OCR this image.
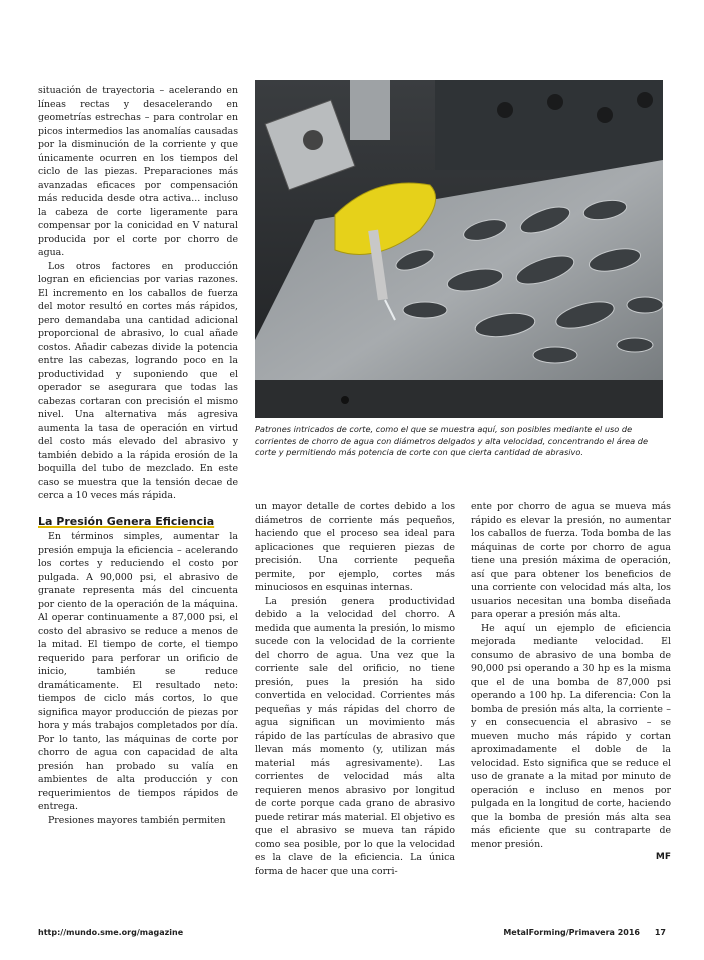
situación de trayectoria – acelerando en líneas rectas y desacelerando en geometrías estrechas – para controlar en picos intermedios las anomalías causadas por la disminución de la corriente y que únicamente ocurren en los tiempos del ciclo de las piezas. Preparaciones más avanzadas eficaces por compensación más reducida desde otra activa... incluso la cabeza de corte ligeramente para compensar por la conicidad en V natural producida por el corte por chorro de agua.

Los otros factores en producción logran en eficiencias por varias razones. El incremento en los caballos de fuerza del motor resultó en cortes más rápidos, pero demandaba una cantidad adicional proporcional de abrasivo, lo cual añade costos. Añadir cabezas divide la potencia entre las cabezas, logrando poco en la productividad y suponiendo que el operador se asegurara que todas las cabezas cortaran con precisión el mismo nivel. Una alternativa más agresiva aumenta la tasa de operación en virtud del costo más elevado del abrasivo y también debido a la rápida erosión de la boquilla del tubo de mezclado. En este caso se muestra que la tensión decae de cerca a 10 veces más rápida.

La Presión Genera Eficiencia

En términos simples, aumentar la presión empuja la eficiencia – acelerando los cortes y reduciendo el costo por pulgada. A 90,000 psi, el abrasivo de granate representa más del cincuenta por ciento de la operación de la máquina. Al operar continuamente a 87,000 psi, el costo del abrasivo se reduce a menos de la mitad. El tiempo de corte, el tiempo requerido para perforar un orificio de inicio, también se reduce dramáticamente. El resultado neto: tiempos de ciclo más cortos, lo que significa mayor producción de piezas por hora y más trabajos completados por día. Por lo tanto, las máquinas de corte por chorro de agua con capacidad de alta presión han probado su valía en ambientes de alta producción y con requerimientos de tiempos rápidos de entrega.

Presiones mayores también permiten

Patrones intricados de corte, como el que se muestra aquí, son posibles mediante el uso de corrientes de chorro de agua con diámetros delgados y alta velocidad, concentrando el área de corte y permitiendo más potencia de corte con que cierta cantidad de abrasivo.

un mayor detalle de cortes debido a los diámetros de corriente más pequeños, haciendo que el proceso sea ideal para aplicaciones que requieren piezas de precisión. Una corriente pequeña permite, por ejemplo, cortes más minuciosos en esquinas internas.

La presión genera productividad debido a la velocidad del chorro. A medida que aumenta la presión, lo mismo sucede con la velocidad de la corriente del chorro de agua. Una vez que la corriente sale del orificio, no tiene presión, pues la presión ha sido convertida en velocidad. Corrientes más pequeñas y más rápidas del chorro de agua significan un movimiento más rápido de las partículas de abrasivo que llevan más momento (y, utilizan más material más agresivamente). Las corrientes de velocidad más alta requieren menos abrasivo por longitud de corte porque cada grano de abrasivo puede retirar más material. El objetivo es que el abrasivo se mueva tan rápido como sea posible, por lo que la velocidad es la clave de la eficiencia. La única forma de hacer que una corri-

ente por chorro de agua se mueva más rápido es elevar la presión, no aumentar los caballos de fuerza. Toda bomba de las máquinas de corte por chorro de agua tiene una presión máxima de operación, así que para obtener los beneficios de una corriente con velocidad más alta, los usuarios necesitan una bomba diseñada para operar a presión más alta.

He aquí un ejemplo de eficiencia mejorada mediante velocidad. El consumo de abrasivo de una bomba de 90,000 psi operando a 30 hp es la misma que el de una bomba de 87,000 psi operando a 100 hp. La diferencia: Con la bomba de presión más alta, la corriente – y en consecuencia el abrasivo – se mueven mucho más rápido y cortan aproximadamente el doble de la velocidad. Esto significa que se reduce el uso de granate a la mitad por minuto de operación e incluso en menos por pulgada en la longitud de corte, haciendo que la bomba de presión más alta sea más eficiente que su contraparte de menor presión.

MF
http://mundo.sme.org/magazine	MetalForming/Primavera 2016 17
